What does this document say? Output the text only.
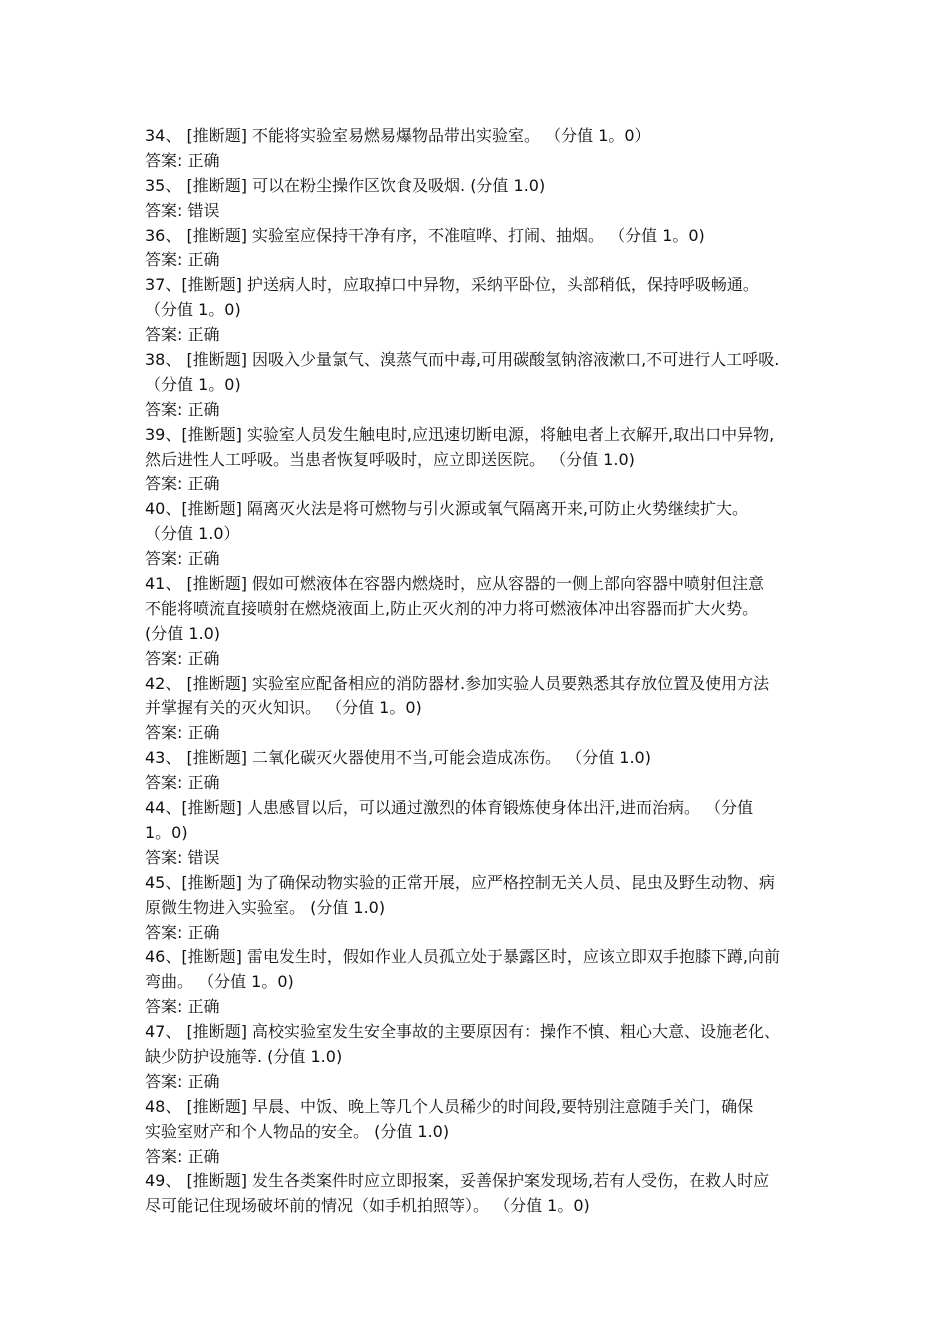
34、 [推断题] 不能将实验室易燃易爆物品带出实验室。 （分值 1。0）
答案: 正确
35、 [推断题] 可以在粉尘操作区饮食及吸烟. (分值 1.0)
答案: 错误
36、 [推断题] 实验室应保持干净有序，不准喧哗、打闹、抽烟。 （分值 1。0)
答案: 正确
37、[推断题] 护送病人时，应取掉口中异物，采纳平卧位，头部稍低，保持呼吸畅通。
（分值 1。0)
答案: 正确
38、 [推断题] 因吸入少量氯气、溴蒸气而中毒,可用碳酸氢钠溶液漱口,不可进行人工呼吸.
（分值 1。0)
答案: 正确
39、[推断题] 实验室人员发生触电时,应迅速切断电源，将触电者上衣解开,取出口中异物,
然后进性人工呼吸。当患者恢复呼吸时，应立即送医院。 （分值 1.0)
答案: 正确
40、[推断题] 隔离灭火法是将可燃物与引火源或氧气隔离开来,可防止火势继续扩大。
（分值 1.0）
答案: 正确
41、 [推断题] 假如可燃液体在容器内燃烧时，应从容器的一侧上部向容器中喷射但注意
不能将喷流直接喷射在燃烧液面上,防止灭火剂的冲力将可燃液体冲出容器而扩大火势。
(分值 1.0)
答案: 正确
42、 [推断题] 实验室应配备相应的消防器材.参加实验人员要熟悉其存放位置及使用方法
并掌握有关的灭火知识。 （分值 1。0)
答案: 正确
43、 [推断题] 二氧化碳灭火器使用不当,可能会造成冻伤。 （分值 1.0)
答案: 正确
44、[推断题] 人患感冒以后，可以通过激烈的体育锻炼使身体出汗,进而治病。 （分值
1。0)
答案: 错误
45、[推断题] 为了确保动物实验的正常开展，应严格控制无关人员、昆虫及野生动物、病
原微生物进入实验室。 (分值 1.0)
答案: 正确
46、[推断题] 雷电发生时，假如作业人员孤立处于暴露区时，应该立即双手抱膝下蹲,向前
弯曲。 （分值 1。0)
答案: 正确
47、 [推断题] 高校实验室发生安全事故的主要原因有：操作不慎、粗心大意、设施老化、
缺少防护设施等. (分值 1.0)
答案: 正确
48、 [推断题] 早晨、中饭、晚上等几个人员稀少的时间段,要特别注意随手关门，确保
实验室财产和个人物品的安全。 (分值 1.0)
答案: 正确
49、 [推断题] 发生各类案件时应立即报案，妥善保护案发现场,若有人受伤，在救人时应
尽可能记住现场破坏前的情况（如手机拍照等）。 （分值 1。0)
